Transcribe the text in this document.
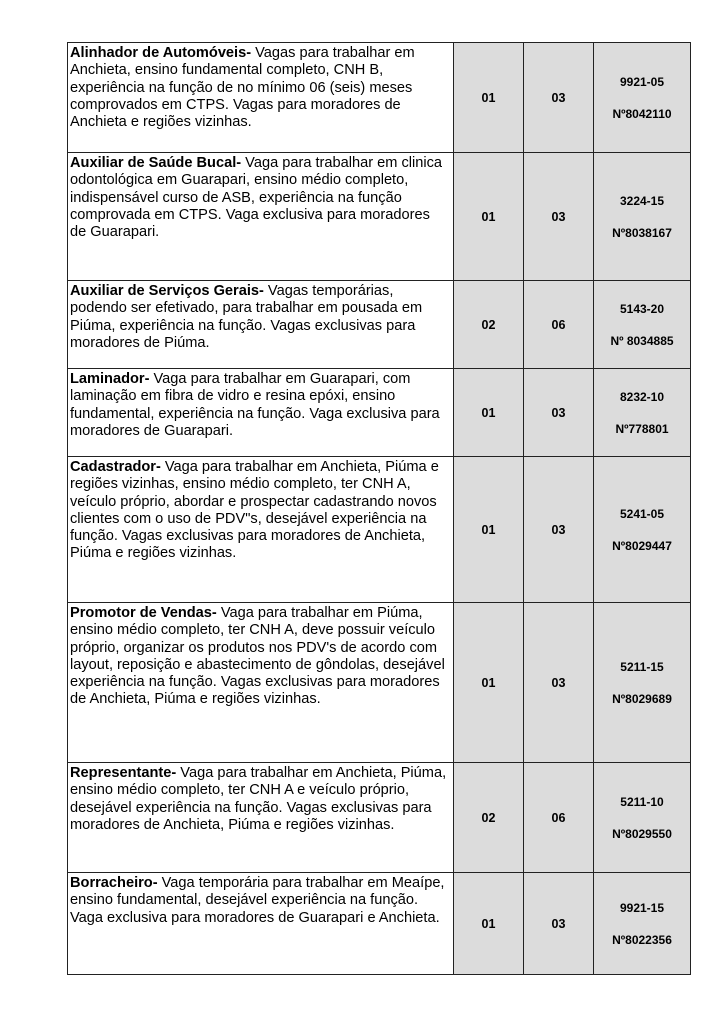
Alinhador de Automóveis- Vagas para trabalhar em Anchieta, ensino fundamental completo, CNH B, experiência na função de no mínimo 06 (seis) meses comprovados em CTPS. Vagas para moradores de Anchieta e regiões vizinhas.	01	03	9921-05
Nº8042110

Auxiliar de Saúde Bucal- Vaga para trabalhar em clinica odontológica em Guarapari, ensino médio completo, indispensável curso de ASB, experiência na função comprovada em CTPS. Vaga exclusiva para moradores de Guarapari.	01	03	3224-15
Nº8038167

Auxiliar de Serviços Gerais- Vagas temporárias, podendo ser efetivado, para trabalhar em pousada em Piúma, experiência na função. Vagas exclusivas para moradores de Piúma.	02	06	5143-20
Nº 8034885

Laminador- Vaga para trabalhar em Guarapari, com laminação em fibra de vidro e resina epóxi, ensino fundamental, experiência na função. Vaga exclusiva para moradores de Guarapari.	01	03	8232-10
Nº778801

Cadastrador- Vaga para trabalhar em Anchieta, Piúma e regiões vizinhas, ensino médio completo, ter CNH A, veículo próprio, abordar e prospectar cadastrando novos clientes com o uso de PDV"s, desejável experiência na função. Vagas exclusivas para moradores de Anchieta, Piúma e regiões vizinhas.	01	03	5241-05
Nº8029447

Promotor de Vendas- Vaga para trabalhar em Piúma, ensino médio completo, ter CNH A, deve possuir veículo próprio, organizar os produtos nos PDV's de acordo com layout, reposição e abastecimento de gôndolas, desejável experiência na função. Vagas exclusivas para moradores de Anchieta, Piúma e regiões vizinhas.	01	03	5211-15
Nº8029689

Representante- Vaga para trabalhar em Anchieta, Piúma, ensino médio completo, ter CNH A e veículo próprio, desejável experiência na função. Vagas exclusivas para moradores de Anchieta, Piúma e regiões vizinhas.	02	06	5211-10
Nº8029550

Borracheiro- Vaga temporária para trabalhar em Meaípe, ensino fundamental, desejável experiência na função. Vaga exclusiva para moradores de Guarapari e Anchieta.	01	03	9921-15
Nº8022356
